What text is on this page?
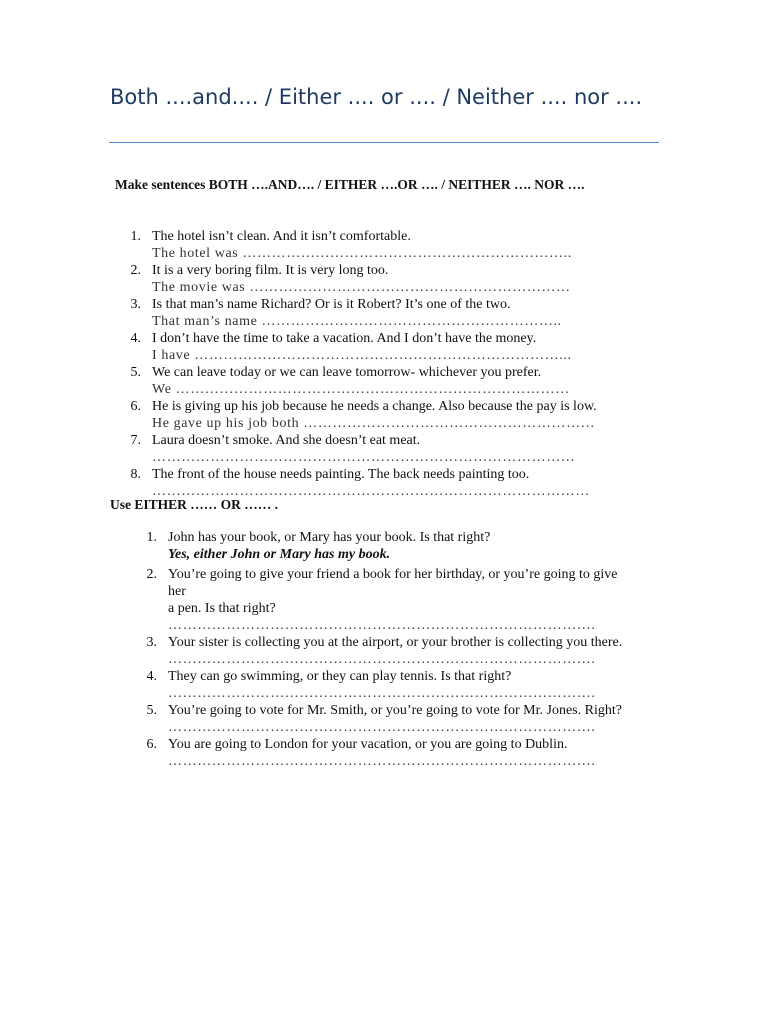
Both ....and.... / Either .... or .... / Neither .... nor ....
Make sentences BOTH ….AND…. / EITHER ….OR …. / NEITHER …. NOR ….
1. The hotel isn’t clean. And it isn’t comfortable.
The hotel was …………………………………………………………..
2. It is a very boring film. It is very long too.
The movie was …………………………………………………………
3. Is that man’s name Richard? Or is it Robert? It’s one of the two.
That man’s name ……………………………………………………..
4. I don’t have the time to take a vacation. And I don’t have the money.
I have …………………………………………………………………...
5. We can leave today or we can leave tomorrow- whichever you prefer.
We ………………………………………………………………………
6. He is giving up his job because he needs a change. Also because the pay is low.
He gave up his job both ……………………………………………………
7. Laura doesn’t smoke. And she doesn’t eat meat.
……………………………………………………………………………
8. The front of the house needs painting. The back needs painting too.
………………………………………………………………………………
Use EITHER …… OR …… .
1. John has your book, or Mary has your book. Is that right?
Yes, either John or Mary has my book.
2. You’re going to give your friend a book for her birthday, or you’re going to give her
a pen. Is that right?
…………………………………………………………………………….
3. Your sister is collecting you at the airport, or your brother is collecting you there.
…………………………………………………………………………….
4. They can go swimming, or they can play tennis. Is that right?
…………………………………………………………………………….
5. You’re going to vote for Mr. Smith, or you’re going to vote for Mr. Jones. Right?
…………………………………………………………………………….
6. You are going to London for your vacation, or you are going to Dublin.
…………………………………………………………………………….
